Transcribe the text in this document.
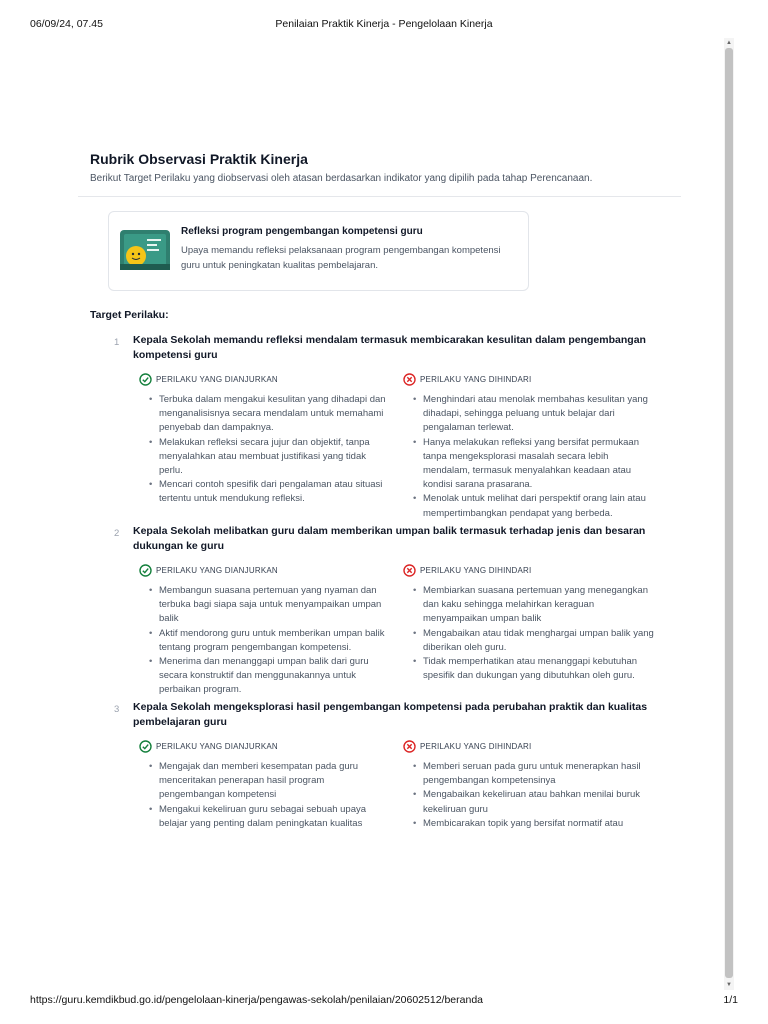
06/09/24, 07.45	Penilaian Praktik Kinerja - Pengelolaan Kinerja
▲
▼
Rubrik Observasi Praktik Kinerja

Berikut Target Perilaku yang diobservasi oleh atasan berdasarkan indikator yang dipilih pada tahap Perencanaan.

Refleksi program pengembangan kompetensi guru
Upaya memandu refleksi pelaksanaan program pengembangan kompetensi guru untuk peningkatan kualitas pembelajaran.
Target Perilaku:
1 Kepala Sekolah memandu refleksi mendalam termasuk membicarakan kesulitan dalam pengembangan kompetensi guru
PERILAKU YANG DIANJURKAN
• Terbuka dalam mengakui kesulitan yang dihadapi dan menganalisisnya secara mendalam untuk memahami penyebab dan dampaknya.
• Melakukan refleksi secara jujur dan objektif, tanpa menyalahkan atau membuat justifikasi yang tidak perlu.
• Mencari contoh spesifik dari pengalaman atau situasi tertentu untuk mendukung refleksi.
PERILAKU YANG DIHINDARI
• Menghindari atau menolak membahas kesulitan yang dihadapi, sehingga peluang untuk belajar dari pengalaman terlewat.
• Hanya melakukan refleksi yang bersifat permukaan tanpa mengeksplorasi masalah secara lebih mendalam, termasuk menyalahkan keadaan atau kondisi sarana prasarana.
• Menolak untuk melihat dari perspektif orang lain atau mempertimbangkan pendapat yang berbeda.
2 Kepala Sekolah melibatkan guru dalam memberikan umpan balik termasuk terhadap jenis dan besaran dukungan ke guru
PERILAKU YANG DIANJURKAN
• Membangun suasana pertemuan yang nyaman dan terbuka bagi siapa saja untuk menyampaikan umpan balik
• Aktif mendorong guru untuk memberikan umpan balik tentang program pengembangan kompetensi.
• Menerima dan menanggapi umpan balik dari guru secara konstruktif dan menggunakannya untuk perbaikan program.
PERILAKU YANG DIHINDARI
• Membiarkan suasana pertemuan yang menegangkan dan kaku sehingga melahirkan keraguan menyampaikan umpan balik
• Mengabaikan atau tidak menghargai umpan balik yang diberikan oleh guru.
• Tidak memperhatikan atau menanggapi kebutuhan spesifik dan dukungan yang dibutuhkan oleh guru.
3 Kepala Sekolah mengeksplorasi hasil pengembangan kompetensi pada perubahan praktik dan kualitas pembelajaran guru
PERILAKU YANG DIANJURKAN
• Mengajak dan memberi kesempatan pada guru menceritakan penerapan hasil program pengembangan kompetensi
• Mengakui kekeliruan guru sebagai sebuah upaya belajar yang penting dalam peningkatan kualitas
PERILAKU YANG DIHINDARI
• Memberi seruan pada guru untuk menerapkan hasil pengembangan kompetensinya
• Mengabaikan kekeliruan atau bahkan menilai buruk kekeliruan guru
• Membicarakan topik yang bersifat normatif atau
https://guru.kemdikbud.go.id/pengelolaan-kinerja/pengawas-sekolah/penilaian/20602512/beranda	1/1
